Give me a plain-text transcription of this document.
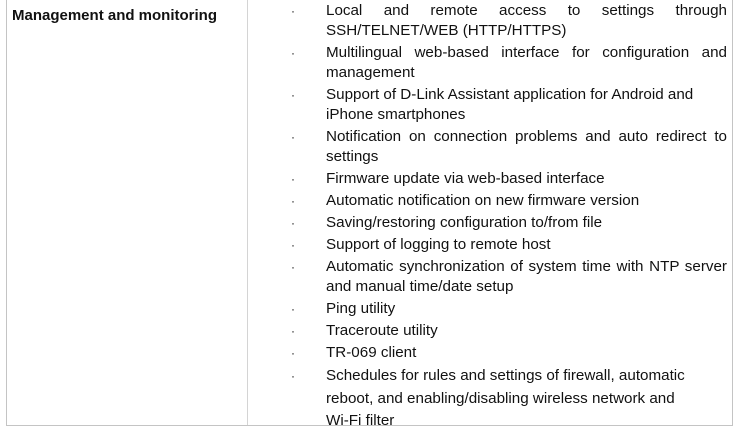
Management and monitoring	·	Local and remote access to settings through SSH/TELNET/WEB (HTTP/HTTPS)
·	Multilingual web-based interface for configuration and management
·	Support of D-Link Assistant application for Android and iPhone smartphones
·	Notification on connection problems and auto redirect to settings
·	Firmware update via web-based interface
·	Automatic notification on new firmware version
·	Saving/restoring configuration to/from file
·	Support of logging to remote host
·	Automatic synchronization of system time with NTP server and manual time/date setup
·	Ping utility
·	Traceroute utility
·	TR-069 client
·	Schedules for rules and settings of firewall, automatic reboot, and enabling/disabling wireless network and Wi-Fi filter
